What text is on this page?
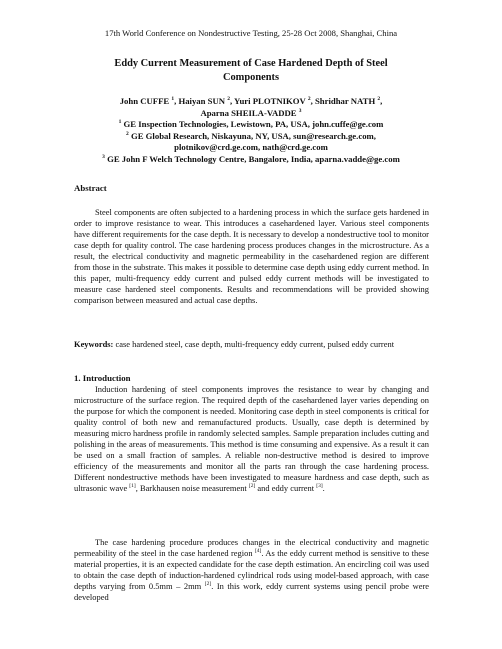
17th World Conference on Nondestructive Testing, 25-28 Oct 2008, Shanghai, China
Eddy Current Measurement of Case Hardened Depth of Steel
Components
John CUFFE $^1$, Haiyan SUN $^2$, Yuri PLOTNIKOV $^2$, Shridhar NATH $^2$,
Aparna SHEILA-VADDE $^3$
$^1$ GE Inspection Technologies, Lewistown, PA, USA, john.cuffe@ge.com
$^2$ GE Global Research, Niskayuna, NY, USA, sun@research.ge.com,
plotnikov@crd.ge.com, nath@crd.ge.com
$^3$ GE John F Welch Technology Centre, Bangalore, India, aparna.vadde@ge.com
Abstract

Steel components are often subjected to a hardening process in which the surface gets hardened in order to improve resistance to wear. This introduces a casehardened layer. Various steel components have different requirements for the case depth. It is necessary to develop a nondestructive tool to monitor case depth for quality control. The case hardening process produces changes in the microstructure. As a result, the electrical conductivity and magnetic permeability in the casehardened region are different from those in the substrate. This makes it possible to determine case depth using eddy current method. In this paper, multi-frequency eddy current and pulsed eddy current methods will be investigated to measure case hardened steel components. Results and recommendations will be provided showing comparison between measured and actual case depths.

Keywords: case hardened steel, case depth, multi-frequency eddy current, pulsed eddy current

1. Introduction

Induction hardening of steel components improves the resistance to wear by changing and microstructure of the surface region. The required depth of the casehardened layer varies depending on the purpose for which the component is needed. Monitoring case depth in steel components is critical for quality control of both new and remanufactured products. Usually, case depth is determined by measuring micro hardness profile in randomly selected samples. Sample preparation includes cutting and polishing in the areas of measurements. This method is time consuming and expensive. As a result it can be used on a small fraction of samples. A reliable non-destructive method is desired to improve efficiency of the measurements and monitor all the parts ran through the case hardening process. Different nondestructive methods have been investigated to measure hardness and case depth, such as ultrasonic wave [1], Barkhausen noise measurement [2] and eddy current [3].

The case hardening procedure produces changes in the electrical conductivity and magnetic permeability of the steel in the case hardened region [4]. As the eddy current method is sensitive to these material properties, it is an expected candidate for the case depth estimation. An encircling coil was used to obtain the case depth of induction-hardened cylindrical rods using model-based approach, with case depths varying from 0.5mm – 2mm [2]. In this work, eddy current systems using pencil probe were developed
